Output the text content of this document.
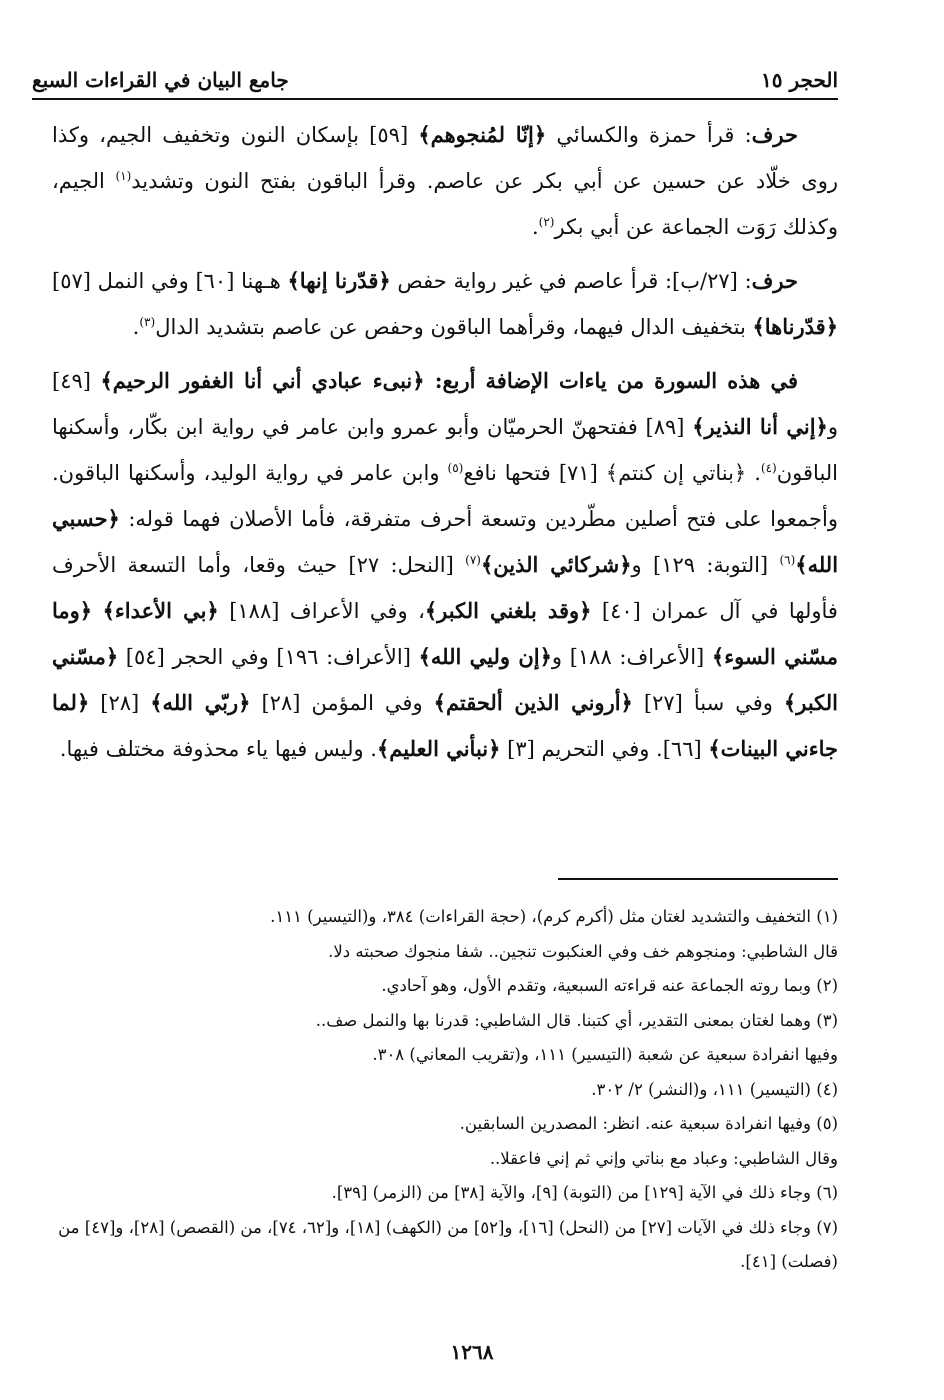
الحجر ١٥
جامع البيان في القراءات السبع

حرف: قرأ حمزة والكسائي ﴿إنّا لمُنجوهم﴾ [٥٩] بإسكان النون وتخفيف الجيم، وكذا روى خلّاد عن حسين عن أبي بكر عن عاصم. وقرأ الباقون بفتح النون وتشديد$^{(١)}$ الجيم، وكذلك رَوَت الجماعة عن أبي بكر$^{(٢)}$.

حرف: [٢٧/ب]: قرأ عاصم في غير رواية حفص ﴿قدّرنا إنها﴾ هـهنا [٦٠] وفي النمل [٥٧] ﴿قدّرناها﴾ بتخفيف الدال فيهما، وقرأهما الباقون وحفص عن عاصم بتشديد الدال$^{(٣)}$.

في هذه السورة من ياءات الإضافة أربع: ﴿نبىء عبادي أني أنا الغفور الرحيم﴾ [٤٩] و﴿إني أنا النذير﴾ [٨٩] ففتحهنّ الحرميّان وأبو عمرو وابن عامر في رواية ابن بكّار، وأسكنها الباقون$^{(٤)}$. ﴿بناتي إن كنتم﴾ [٧١] فتحها نافع$^{(٥)}$ وابن عامر في رواية الوليد، وأسكنها الباقون. وأجمعوا على فتح أصلين مطّردين وتسعة أحرف متفرقة، فأما الأصلان فهما قوله: ﴿حسبي الله﴾$^{(٦)}$ [التوبة: ١٢٩] و﴿شركائي الذين﴾$^{(٧)}$ [النحل: ٢٧] حيث وقعا، وأما التسعة الأحرف فأولها في آل عمران [٤٠] ﴿وقد بلغني الكبر﴾، وفي الأعراف [١٨٨] ﴿بي الأعداء﴾ ﴿وما مسّني السوء﴾ [الأعراف: ١٨٨] و﴿إن وليي الله﴾ [الأعراف: ١٩٦] وفي الحجر [٥٤] ﴿مسّني الكبر﴾ وفي سبأ [٢٧] ﴿أروني الذين ألحقتم﴾ وفي المؤمن [٢٨] ﴿ربّي الله﴾ [٢٨] ﴿لما جاءني البينات﴾ [٦٦]. وفي التحريم [٣] ﴿نبأني العليم﴾. وليس فيها ياء محذوفة مختلف فيها.

(١) التخفيف والتشديد لغتان مثل (أكرم كرم)، (حجة القراءات) ٣٨٤، و(التيسير) ١١١.
قال الشاطبي: ومنجوهم خف وفي العنكبوت تنجين.. شفا منجوك صحبته دلا.
(٢) وبما روته الجماعة عنه قراءته السبعية، وتقدم الأول، وهو آحادي.
(٣) وهما لغتان بمعنى التقدير، أي كتبنا. قال الشاطبي: قدرنا بها والنمل صف..
وفيها انفرادة سبعية عن شعبة (التيسير) ١١١، و(تقريب المعاني) ٣٠٨.
(٤) (التيسير) ١١١، و(النشر) ٢/ ٣٠٢.
(٥) وفيها انفرادة سبعية عنه. انظر: المصدرين السابقين.
وقال الشاطبي: وعباد مع بناتي وإني ثم إني فاعقلا..
(٦) وجاء ذلك في الآية [١٢٩] من (التوبة) [٩]، والآية [٣٨] من (الزمر) [٣٩].
(٧) وجاء ذلك في الآيات [٢٧] من (النحل) [١٦]، و[٥٢] من (الكهف) [١٨]، و[٦٢، ٧٤]، من (القصص) [٢٨]، و[٤٧] من (فصلت) [٤١].
١٢٦٨
